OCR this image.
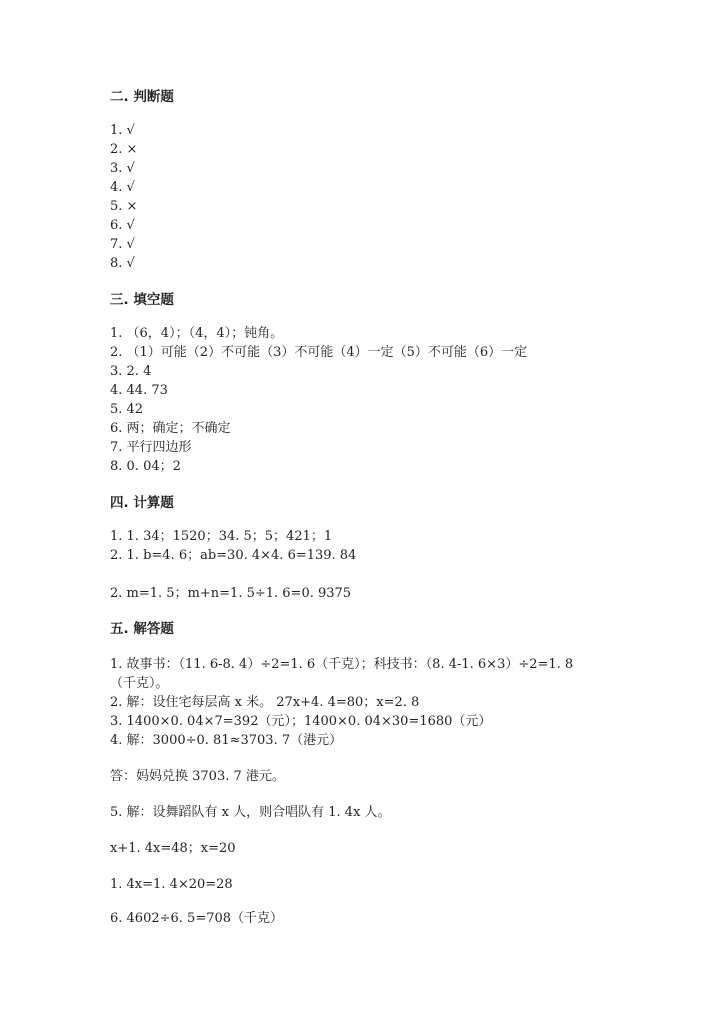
二. 判断题
1. √
2. ×
3. √
4. √
5. ×
6. √
7. √
8. √
三. 填空题
1. （6，4）；（4，4）；钝角。
2. （1）可能（2）不可能（3）不可能（4）一定（5）不可能（6）一定
3. 2. 4
4. 44. 73
5. 42
6. 两；确定；不确定
7. 平行四边形
8. 0. 04；2
四. 计算题
1. 1. 34；1520；34. 5；5；421；1
2. 1. b=4. 6；ab=30. 4×4. 6=139. 84
2. m=1. 5；m+n=1. 5÷1. 6=0. 9375
五. 解答题
1. 故事书：（11. 6-8. 4）÷2=1. 6（千克）；科技书：（8. 4-1. 6×3）÷2=1. 8
（千克）。
2. 解：设住宅每层高 x 米。 27x+4. 4=80；x=2. 8
3. 1400×0. 04×7=392（元）；1400×0. 04×30=1680（元）
4. 解：3000÷0. 81≈3703. 7（港元）
答：妈妈兑换 3703. 7 港元。
5. 解：设舞蹈队有 x 人，则合唱队有 1. 4x 人。
x+1. 4x=48；x=20
1. 4x=1. 4×20=28
6. 4602÷6. 5=708（千克）
